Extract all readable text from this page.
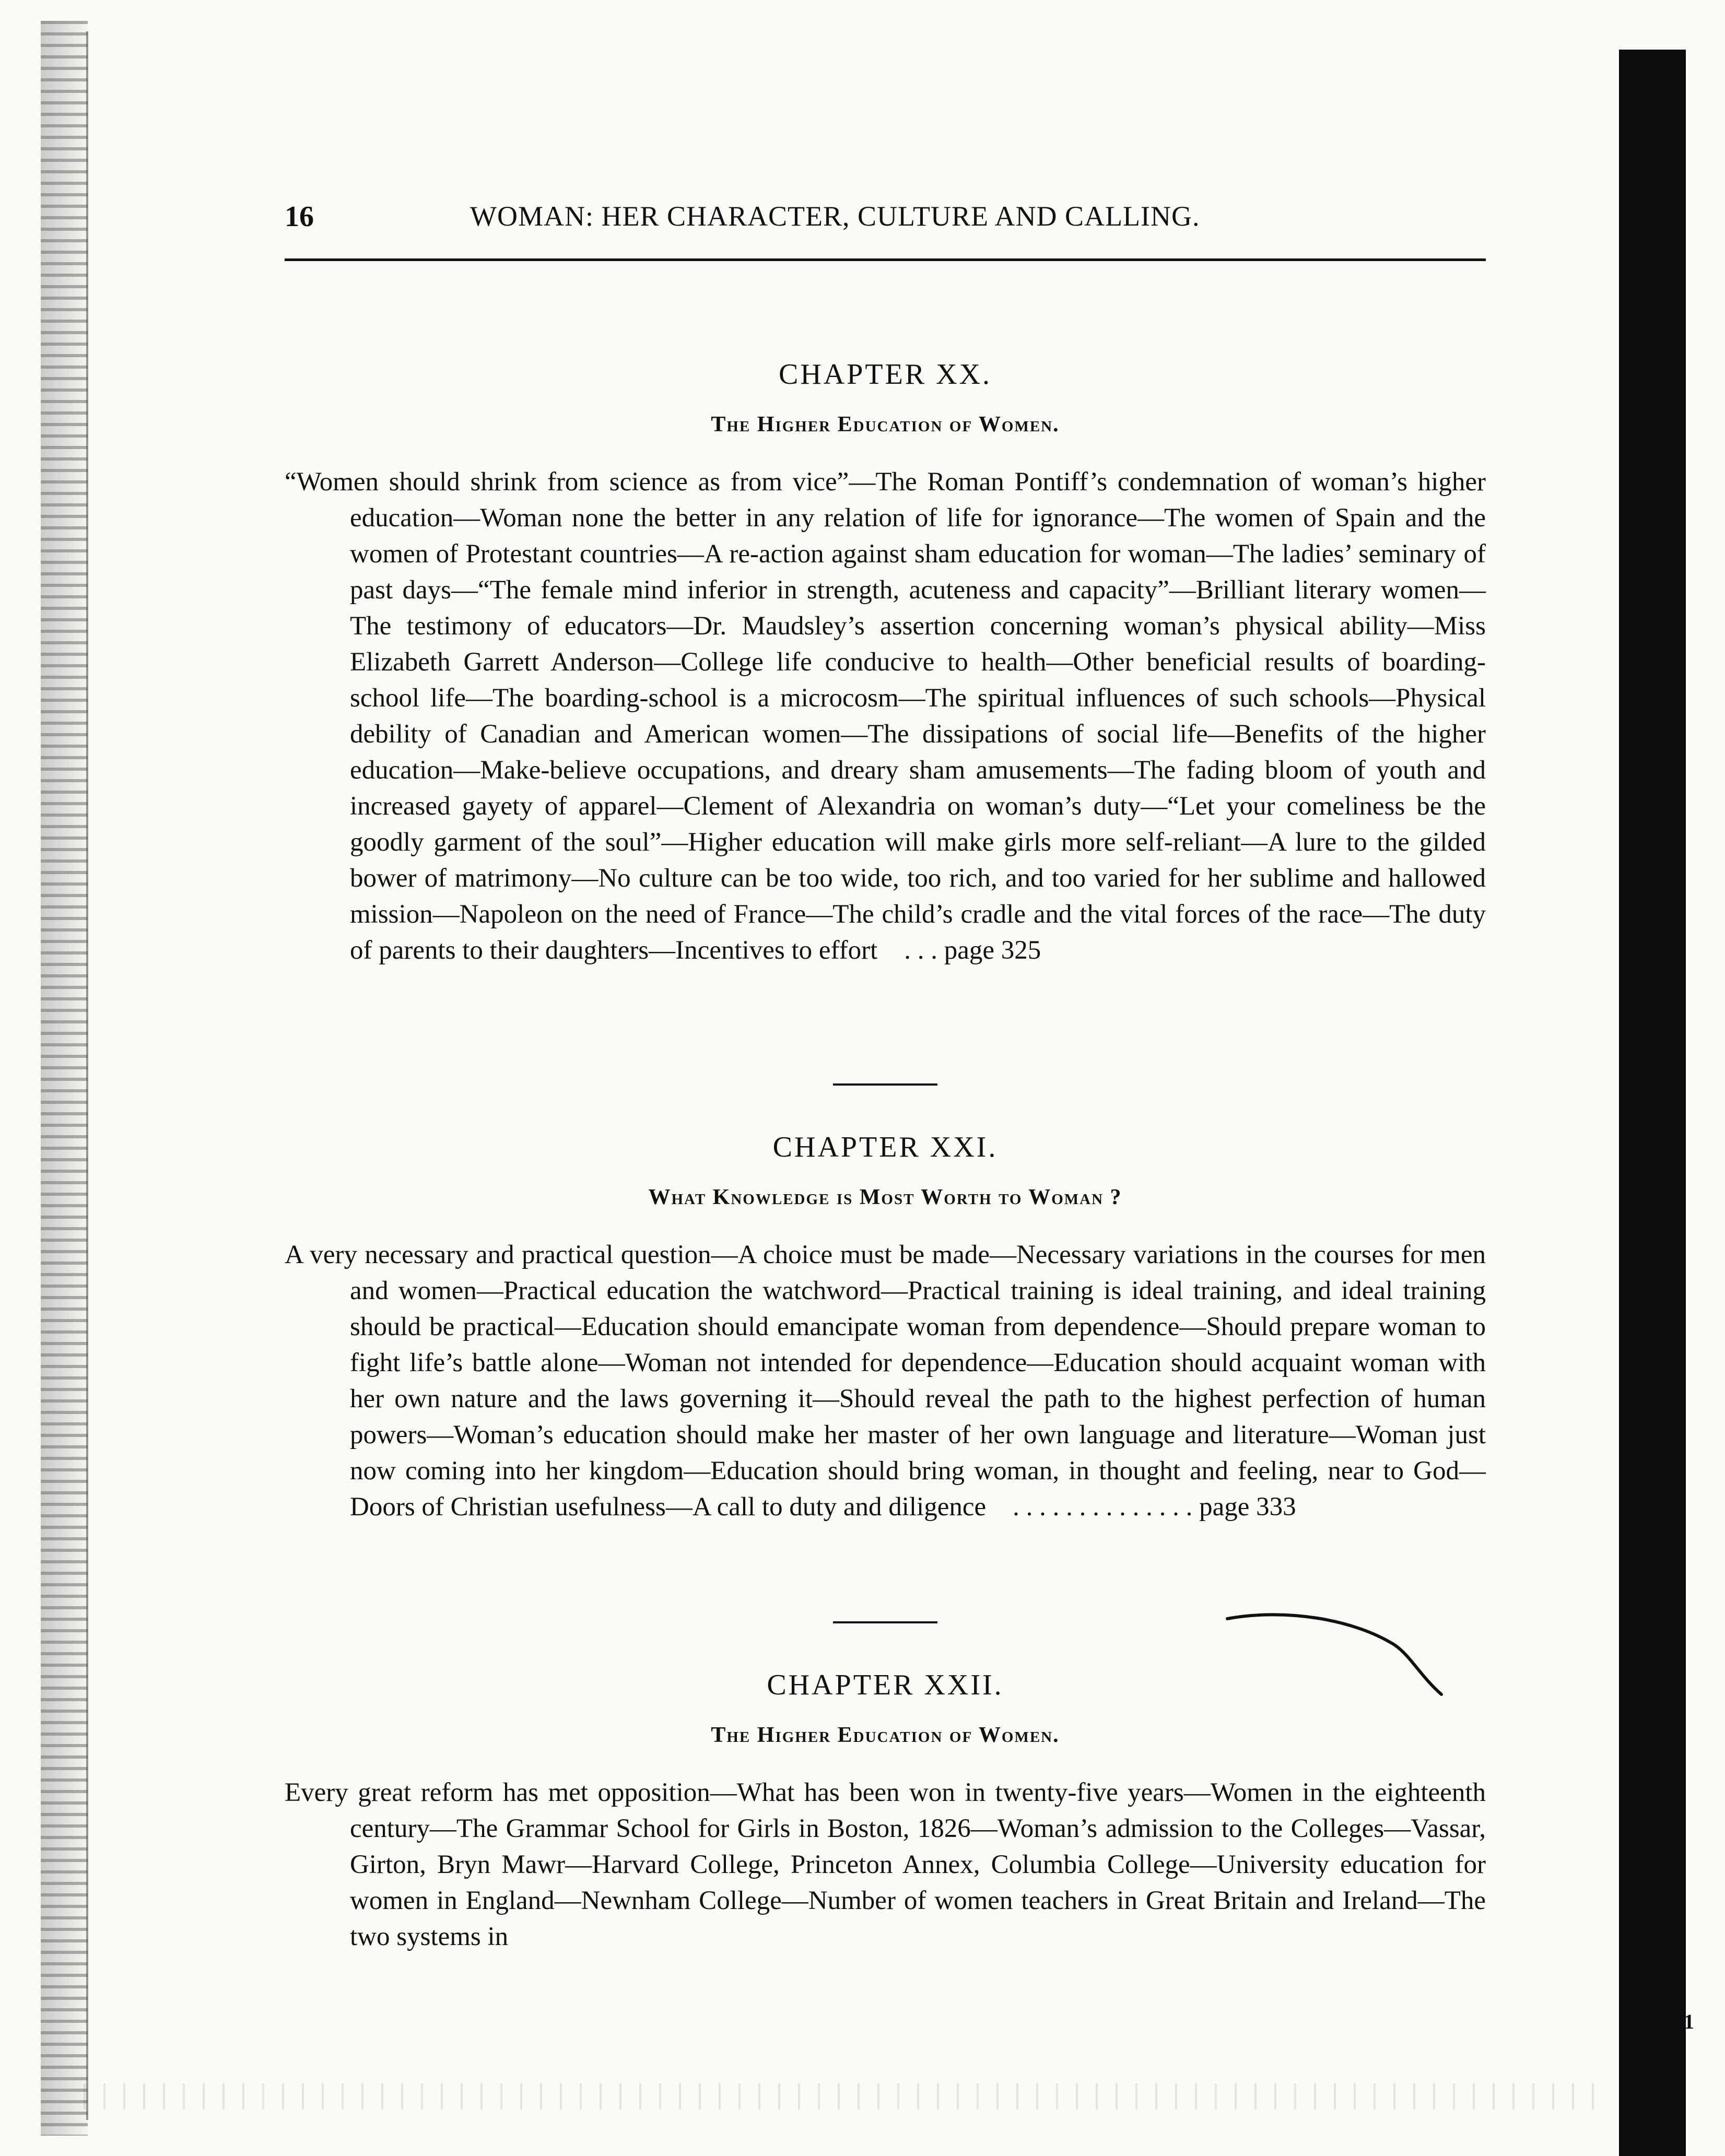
1
16	WOMAN: HER CHARACTER, CULTURE AND CALLING.
CHAPTER XX.
The Higher Education of Women.

“Women should shrink from science as from vice”—The Roman Pontiff’s condemnation of woman’s higher education—Woman none the better in any relation of life for ignorance—The women of Spain and the women of Protestant countries—A re-action against sham education for woman—The ladies’ seminary of past days—“The female mind inferior in strength, acuteness and capacity”—Brilliant literary women—The testimony of educators—Dr. Maudsley’s assertion concerning woman’s physical ability—Miss Elizabeth Garrett Anderson—College life conducive to health—Other beneficial results of boarding-school life—The boarding-school is a microcosm—The spiritual influences of such schools—Physical debility of Canadian and American women—The dissipations of social life—Benefits of the higher education—Make-believe occupations, and dreary sham amusements—The fading bloom of youth and increased gayety of apparel—Clement of Alexandria on woman’s duty—“Let your comeliness be the goodly garment of the soul”—Higher education will make girls more self-reliant—A lure to the gilded bower of matrimony—No culture can be too wide, too rich, and too varied for her sublime and hallowed mission—Napoleon on the need of France—The child’s cradle and the vital forces of the race—The duty of parents to their daughters—Incentives to effort . . . page 325

CHAPTER XXI.
What Knowledge is Most Worth to Woman ?

A very necessary and practical question—A choice must be made—Necessary variations in the courses for men and women—Practical education the watchword—Practical training is ideal training, and ideal training should be practical—Education should emancipate woman from dependence—Should prepare woman to fight life’s battle alone—Woman not intended for dependence—Education should acquaint woman with her own nature and the laws governing it—Should reveal the path to the highest perfection of human powers—Woman’s education should make her master of her own language and literature—Woman just now coming into her kingdom—Education should bring woman, in thought and feeling, near to God—Doors of Christian usefulness—A call to duty and diligence . . . . . . . . . . . . . . page 333

CHAPTER XXII.
The Higher Education of Women.

Every great reform has met opposition—What has been won in twenty-five years—Women in the eighteenth century—The Grammar School for Girls in Boston, 1826—Woman’s admission to the Colleges—Vassar, Girton, Bryn Mawr—Harvard College, Princeton Annex, Columbia College—University education for women in England—Newnham College—Number of women teachers in Great Britain and Ireland—The two systems in
